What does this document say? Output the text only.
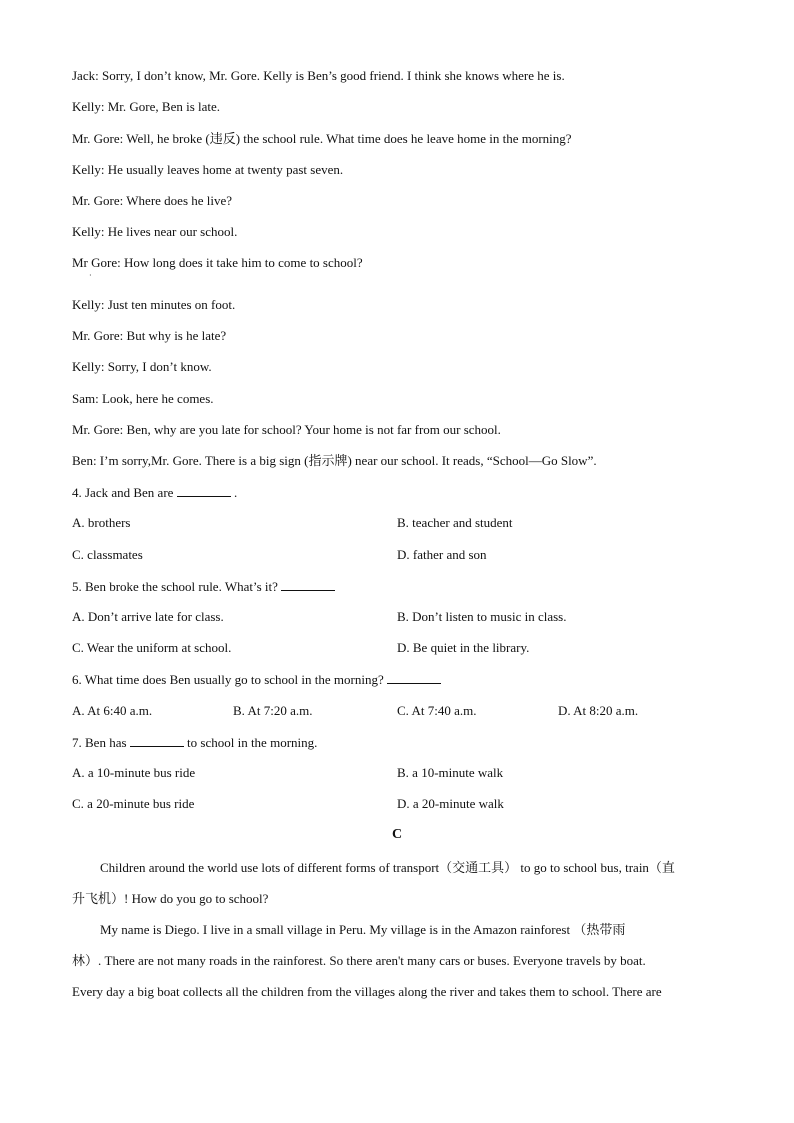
Jack: Sorry, I don’t know, Mr. Gore. Kelly is Ben’s good friend. I think she knows where he is.
Kelly: Mr. Gore, Ben is late.
Mr. Gore: Well, he broke (违反) the school rule. What time does he leave home in the morning?
Kelly: He usually leaves home at twenty past seven.
Mr. Gore: Where does he live?
Kelly: He lives near our school.
Mr Gore: How long does it take him to come to school?
·
Kelly: Just ten minutes on foot.
Mr. Gore: But why is he late?
Kelly: Sorry, I don’t know.
Sam: Look, here he comes.
Mr. Gore: Ben, why are you late for school? Your home is not far from our school.
Ben: I’m sorry,Mr. Gore. There is a big sign (指示牌) near our school. It reads, “School—Go Slow”.
4. Jack and Ben are	.
A. brothers	B. teacher and student
C. classmates	D. father and son
5. Ben broke the school rule. What’s it?
A. Don’t arrive late for class.	B. Don’t listen to music in class.
C. Wear the uniform at school.	D. Be quiet in the library.
6. What time does Ben usually go to school in the morning?
A. At 6:40 a.m.	B. At 7:20 a.m.	C. At 7:40 a.m.	D. At 8:20 a.m.
7. Ben has	to school in the morning.
A. a 10-minute bus ride	B. a 10-minute walk
C. a 20-minute bus ride	D. a 20-minute walk
C
Children around the world use lots of different forms of transport（交通工具） to go to school bus, train（直
升飞机）! How do you go to school?
My name is Diego. I live in a small village in Peru. My village is in the Amazon rainforest （热带雨
林）. There are not many roads in the rainforest. So there aren't many cars or buses. Everyone travels by boat.
Every day a big boat collects all the children from the villages along the river and takes them to school. There are
